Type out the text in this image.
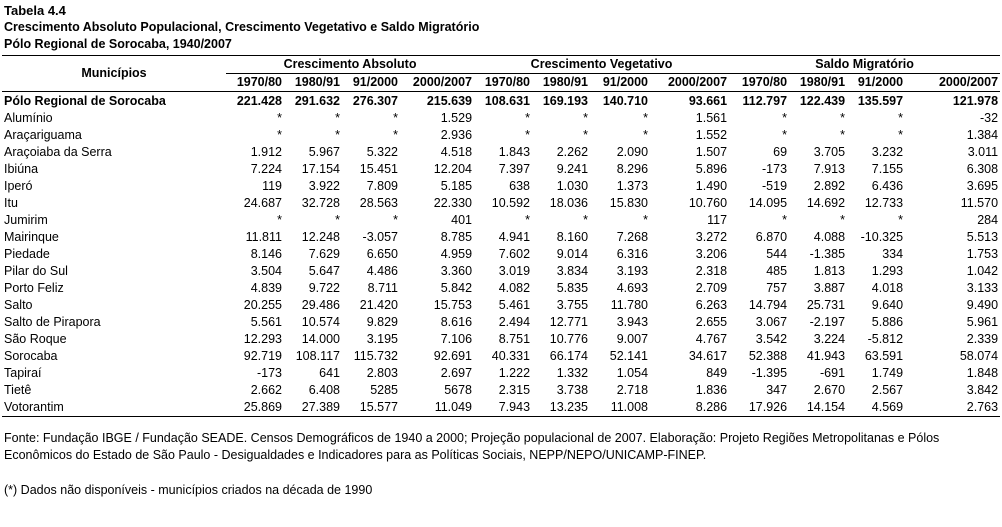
Tabela 4.4
Crescimento Absoluto Populacional, Crescimento Vegetativo e Saldo Migratório
Pólo Regional de Sorocaba, 1940/2007
Municípios	Crescimento Absoluto				Crescimento Vegetativo				Saldo Migratório			
	1970/80	1980/91	91/2000	2000/2007	1970/80	1980/91	91/2000	2000/2007	1970/80	1980/91	91/2000	2000/2007
Pólo Regional de Sorocaba	221.428	291.632	276.307	215.639	108.631	169.193	140.710	93.661	112.797	122.439	135.597	121.978
Alumínio	*	*	*	1.529	*	*	*	1.561	*	*	*	-32
Araçariguama	*	*	*	2.936	*	*	*	1.552	*	*	*	1.384
Araçoiaba da Serra	1.912	5.967	5.322	4.518	1.843	2.262	2.090	1.507	69	3.705	3.232	3.011
Ibiúna	7.224	17.154	15.451	12.204	7.397	9.241	8.296	5.896	-173	7.913	7.155	6.308
Iperó	119	3.922	7.809	5.185	638	1.030	1.373	1.490	-519	2.892	6.436	3.695
Itu	24.687	32.728	28.563	22.330	10.592	18.036	15.830	10.760	14.095	14.692	12.733	11.570
Jumirim	*	*	*	401	*	*	*	117	*	*	*	284
Mairinque	11.811	12.248	-3.057	8.785	4.941	8.160	7.268	3.272	6.870	4.088	-10.325	5.513
Piedade	8.146	7.629	6.650	4.959	7.602	9.014	6.316	3.206	544	-1.385	334	1.753
Pilar do Sul	3.504	5.647	4.486	3.360	3.019	3.834	3.193	2.318	485	1.813	1.293	1.042
Porto Feliz	4.839	9.722	8.711	5.842	4.082	5.835	4.693	2.709	757	3.887	4.018	3.133
Salto	20.255	29.486	21.420	15.753	5.461	3.755	11.780	6.263	14.794	25.731	9.640	9.490
Salto de Pirapora	5.561	10.574	9.829	8.616	2.494	12.771	3.943	2.655	3.067	-2.197	5.886	5.961
São Roque	12.293	14.000	3.195	7.106	8.751	10.776	9.007	4.767	3.542	3.224	-5.812	2.339
Sorocaba	92.719	108.117	115.732	92.691	40.331	66.174	52.141	34.617	52.388	41.943	63.591	58.074
Tapiraí	-173	641	2.803	2.697	1.222	1.332	1.054	849	-1.395	-691	1.749	1.848
Tietê	2.662	6.408	5285	5678	2.315	3.738	2.718	1.836	347	2.670	2.567	3.842
Votorantim	25.869	27.389	15.577	11.049	7.943	13.235	11.008	8.286	17.926	14.154	4.569	2.763
Fonte: Fundação IBGE / Fundação SEADE. Censos Demográficos de 1940 a 2000; Projeção populacional de 2007. Elaboração: Projeto Regiões Metropolitanas e Pólos Econômicos do Estado de São Paulo - Desigualdades e Indicadores para as Políticas Sociais, NEPP/NEPO/UNICAMP-FINEP.
(*) Dados não disponíveis - municípios criados na década de 1990
